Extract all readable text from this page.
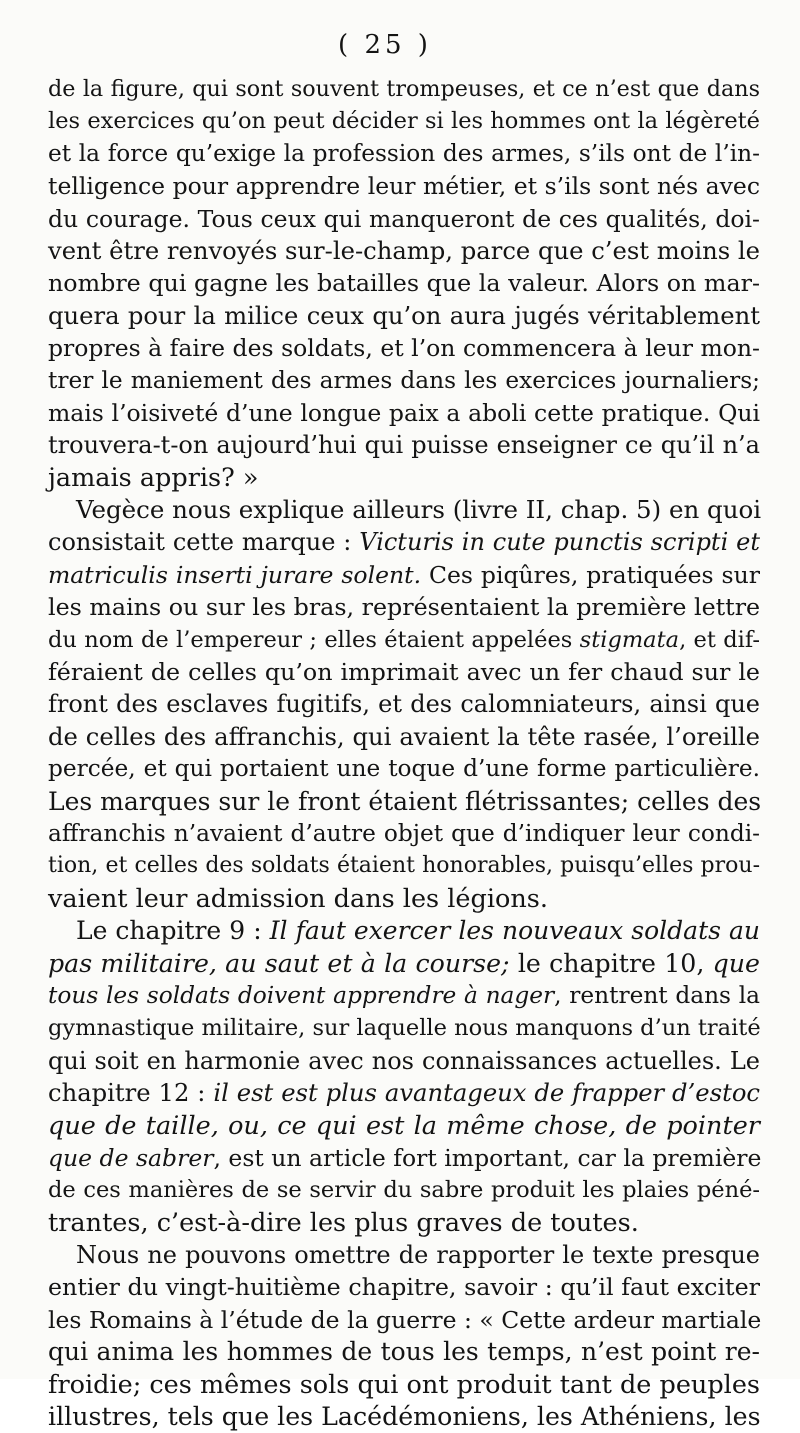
( 25 )
de la figure, qui sont souvent trompeuses, et ce n’est que dans
les exercices qu’on peut décider si les hommes ont la légèreté
et la force qu’exige la profession des armes, s’ils ont de l’in-
telligence pour apprendre leur métier, et s’ils sont nés avec
du courage. Tous ceux qui manqueront de ces qualités, doi-
vent être renvoyés sur-le-champ, parce que c’est moins le
nombre qui gagne les batailles que la valeur. Alors on mar-
quera pour la milice ceux qu’on aura jugés véritablement
propres à faire des soldats, et l’on commencera à leur mon-
trer le maniement des armes dans les exercices journaliers;
mais l’oisiveté d’une longue paix a aboli cette pratique. Qui
trouvera-t-on aujourd’hui qui puisse enseigner ce qu’il n’a
jamais appris? »
Vegèce nous explique ailleurs (livre II, chap. 5) en quoi
consistait cette marque : Victuris in cute punctis scripti et
matriculis inserti jurare solent. Ces piqûres, pratiquées sur
les mains ou sur les bras, représentaient la première lettre
du nom de l’empereur ; elles étaient appelées stigmata, et dif-
féraient de celles qu’on imprimait avec un fer chaud sur le
front des esclaves fugitifs, et des calomniateurs, ainsi que
de celles des affranchis, qui avaient la tête rasée, l’oreille
percée, et qui portaient une toque d’une forme particulière.
Les marques sur le front étaient flétrissantes; celles des
affranchis n’avaient d’autre objet que d’indiquer leur condi-
tion, et celles des soldats étaient honorables, puisqu’elles prou-
vaient leur admission dans les légions.
Le chapitre 9 : Il faut exercer les nouveaux soldats au
pas militaire, au saut et à la course; le chapitre 10, que
tous les soldats doivent apprendre à nager, rentrent dans la
gymnastique militaire, sur laquelle nous manquons d’un traité
qui soit en harmonie avec nos connaissances actuelles. Le
chapitre 12 : il est est plus avantageux de frapper d’estoc
que de taille, ou, ce qui est la même chose, de pointer
que de sabrer, est un article fort important, car la première
de ces manières de se servir du sabre produit les plaies péné-
trantes, c’est-à-dire les plus graves de toutes.
Nous ne pouvons omettre de rapporter le texte presque
entier du vingt-huitième chapitre, savoir : qu’il faut exciter
les Romains à l’étude de la guerre : « Cette ardeur martiale
qui anima les hommes de tous les temps, n’est point re-
froidie; ces mêmes sols qui ont produit tant de peuples
illustres, tels que les Lacédémoniens, les Athéniens, les
